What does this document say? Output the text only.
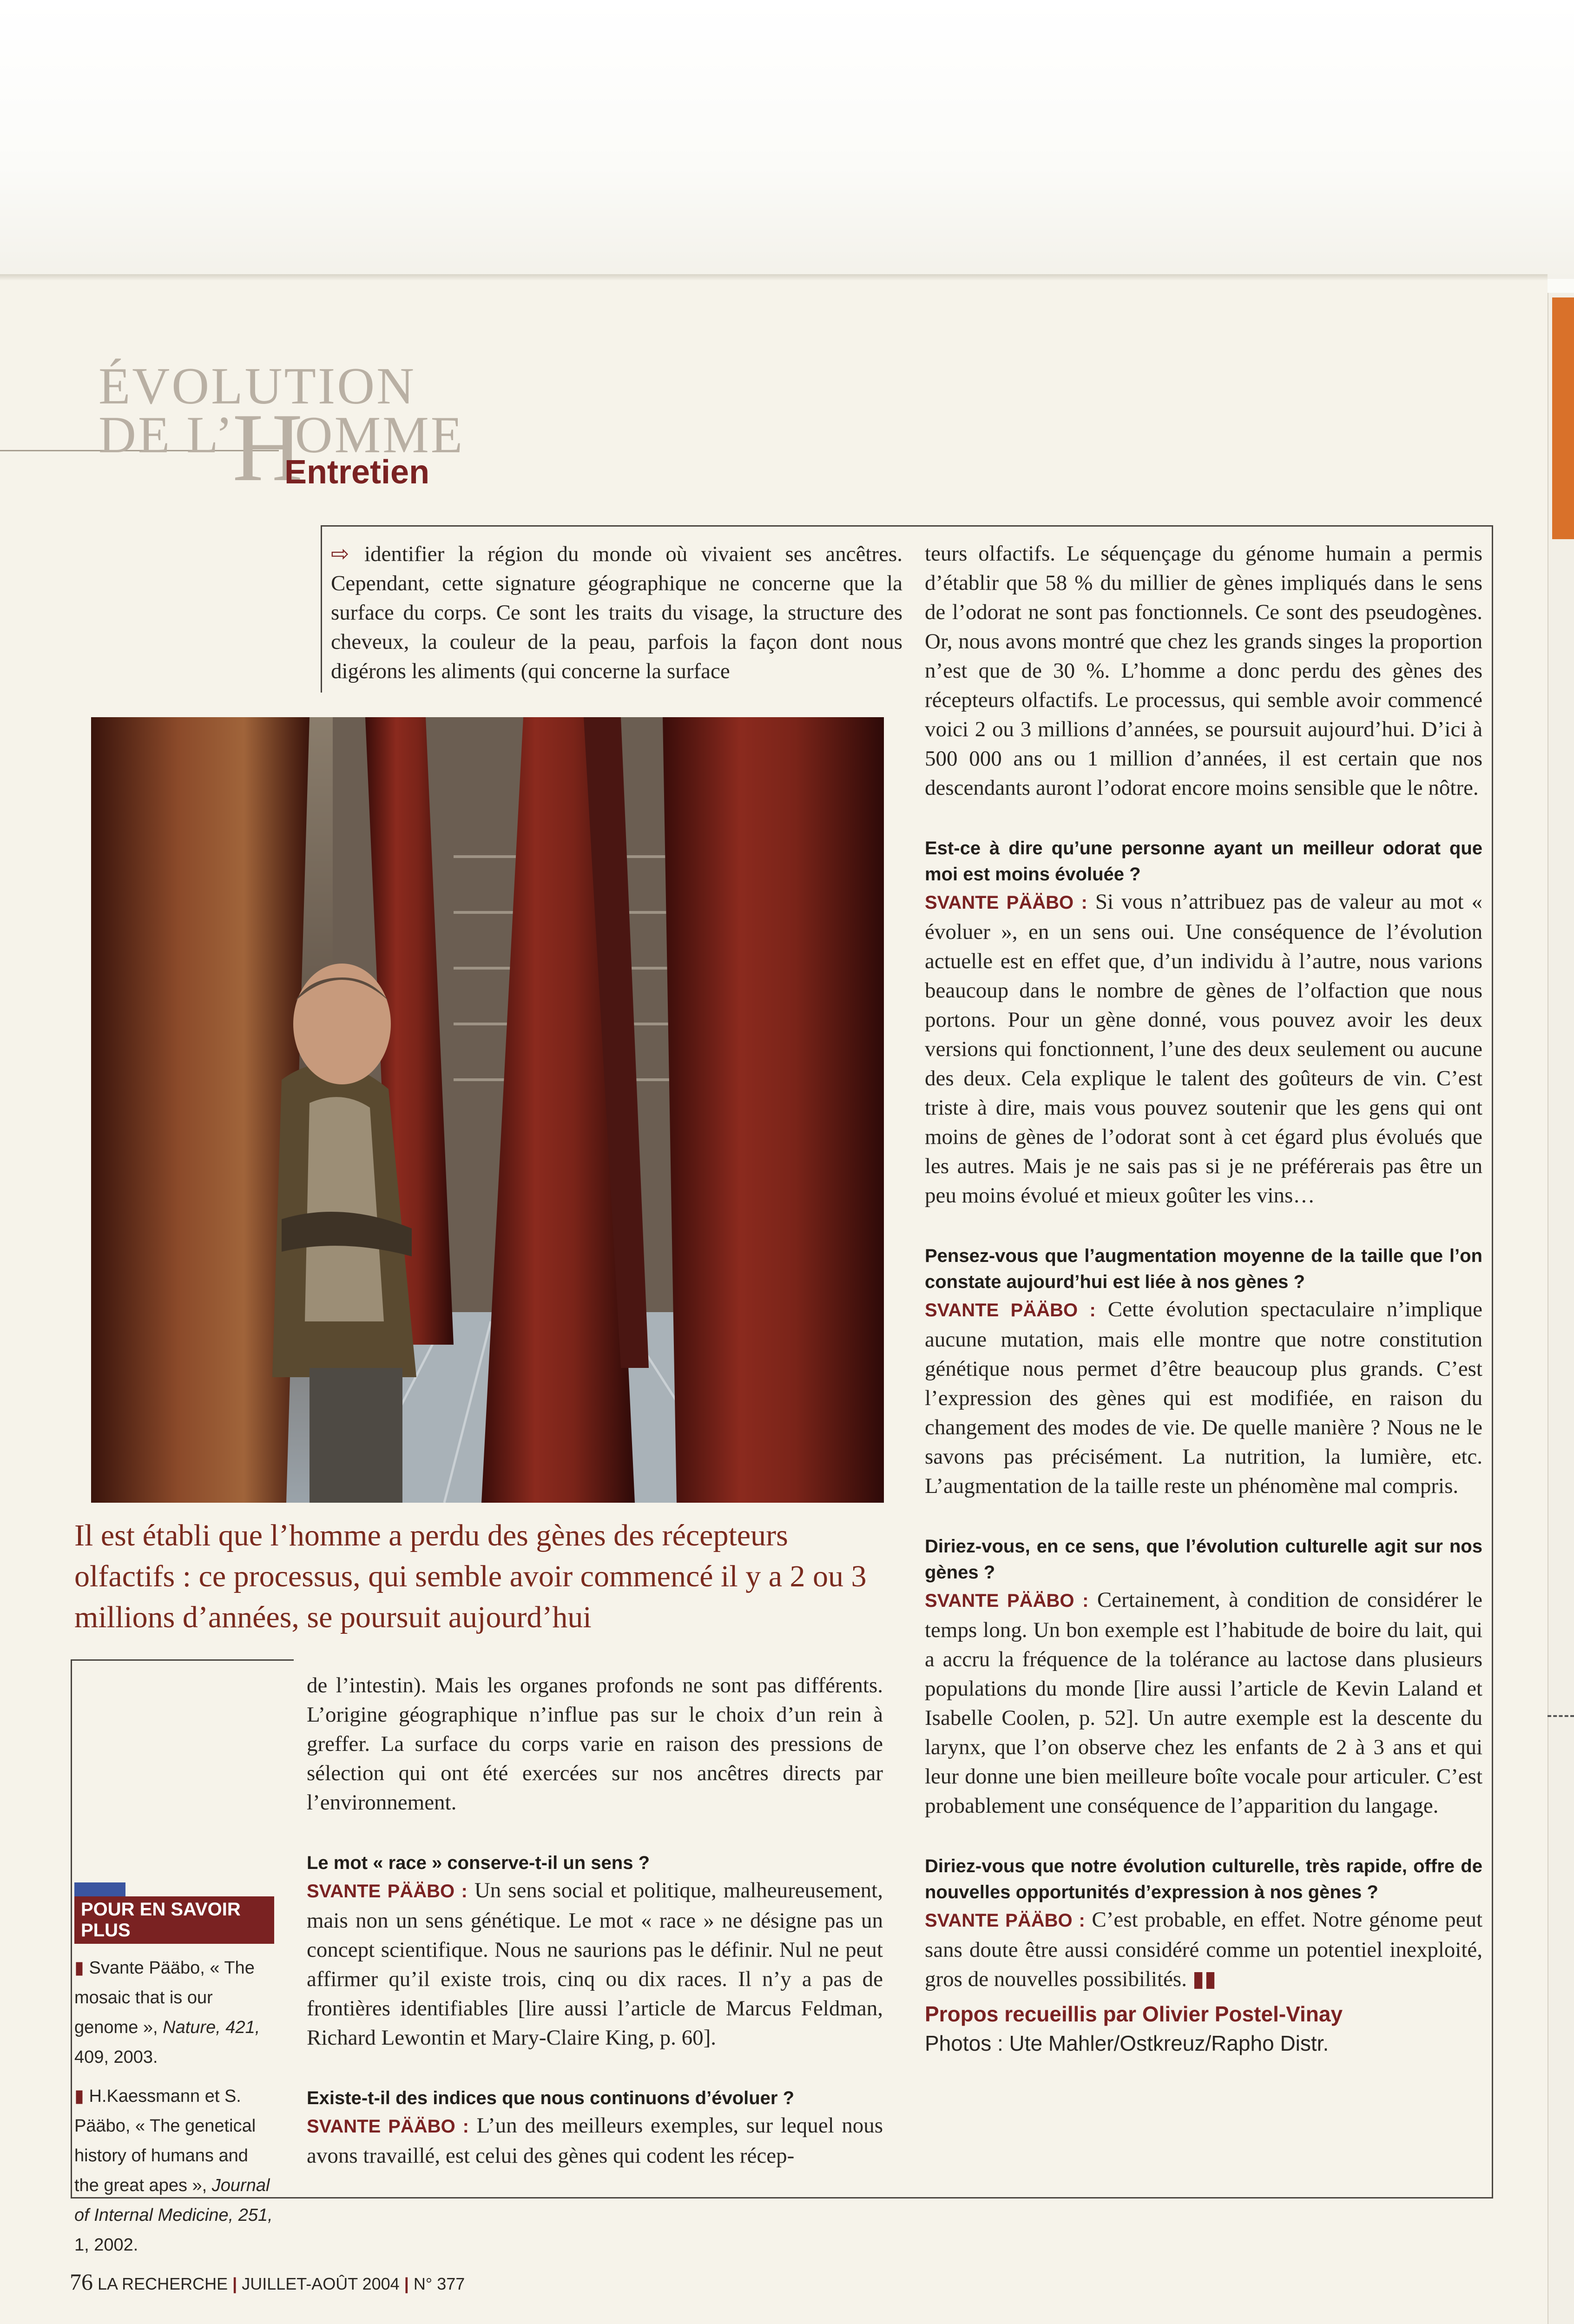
ÉVOLUTION
DE L’ OMME
H
Entretien

⇨ identifier la région du monde où vivaient ses ancêtres. Cependant, cette signature géographique ne concerne que la surface du corps. Ce sont les traits du visage, la structure des cheveux, la couleur de la peau, parfois la façon dont nous digérons les aliments (qui concerne la surface

Il est établi que l’homme a perdu des gènes des récepteurs olfactifs : ce processus, qui semble avoir commencé il y a 2 ou 3 millions d’années, se poursuit aujourd’hui

de l’intestin). Mais les organes profonds ne sont pas différents. L’origine géographique n’influe pas sur le choix d’un rein à greffer. La surface du corps varie en raison des pressions de sélection qui ont été exercées sur nos ancêtres directs par l’environnement.

Le mot « race » conserve-t-il un sens ?

SVANTE PÄÄBO : Un sens social et politique, malheureusement, mais non un sens génétique. Le mot « race » ne désigne pas un concept scientifique. Nous ne saurions pas le définir. Nul ne peut affirmer qu’il existe trois, cinq ou dix races. Il n’y a pas de frontières identifiables [lire aussi l’article de Marcus Feldman, Richard Lewontin et Mary-Claire King, p. 60].

Existe-t-il des indices que nous continuons d’évoluer ?

SVANTE PÄÄBO : L’un des meilleurs exemples, sur lequel nous avons travaillé, est celui des gènes qui codent les récep-

POUR EN SAVOIR PLUS
▮ Svante Pääbo, « The mosaic that is our genome », Nature, 421, 409, 2003.
▮ H.Kaessmann et S. Pääbo, « The genetical history of humans and the great apes », Journal of Internal Medicine, 251, 1, 2002.

teurs olfactifs. Le séquençage du génome humain a permis d’établir que 58 % du millier de gènes impliqués dans le sens de l’odorat ne sont pas fonctionnels. Ce sont des pseudogènes. Or, nous avons montré que chez les grands singes la proportion n’est que de 30 %. L’homme a donc perdu des gènes des récepteurs olfactifs. Le processus, qui semble avoir commencé voici 2 ou 3 millions d’années, se poursuit aujourd’hui. D’ici à 500 000 ans ou 1 million d’années, il est certain que nos descendants auront l’odorat encore moins sensible que le nôtre.

Est-ce à dire qu’une personne ayant un meilleur odorat que moi est moins évoluée ?

SVANTE PÄÄBO : Si vous n’attribuez pas de valeur au mot « évoluer », en un sens oui. Une conséquence de l’évolution actuelle est en effet que, d’un individu à l’autre, nous varions beaucoup dans le nombre de gènes de l’olfaction que nous portons. Pour un gène donné, vous pouvez avoir les deux versions qui fonctionnent, l’une des deux seulement ou aucune des deux. Cela explique le talent des goûteurs de vin. C’est triste à dire, mais vous pouvez soutenir que les gens qui ont moins de gènes de l’odorat sont à cet égard plus évolués que les autres. Mais je ne sais pas si je ne préférerais pas être un peu moins évolué et mieux goûter les vins…

Pensez-vous que l’augmentation moyenne de la taille que l’on constate aujourd’hui est liée à nos gènes ?

SVANTE PÄÄBO : Cette évolution spectaculaire n’implique aucune mutation, mais elle montre que notre constitution génétique nous permet d’être beaucoup plus grands. C’est l’expression des gènes qui est modifiée, en raison du changement des modes de vie. De quelle manière ? Nous ne le savons pas précisément. La nutrition, la lumière, etc. L’augmentation de la taille reste un phénomène mal compris.

Diriez-vous, en ce sens, que l’évolution culturelle agit sur nos gènes ?

SVANTE PÄÄBO : Certainement, à condition de considérer le temps long. Un bon exemple est l’habitude de boire du lait, qui a accru la fréquence de la tolérance au lactose dans plusieurs populations du monde [lire aussi l’article de Kevin Laland et Isabelle Coolen, p. 52]. Un autre exemple est la descente du larynx, que l’on observe chez les enfants de 2 à 3 ans et qui leur donne une bien meilleure boîte vocale pour articuler. C’est probablement une conséquence de l’apparition du langage.

Diriez-vous que notre évolution culturelle, très rapide, offre de nouvelles opportunités d’expression à nos gènes ?

SVANTE PÄÄBO : C’est probable, en effet. Notre génome peut sans doute être aussi considéré comme un potentiel inexploité, gros de nouvelles possibilités. ▮▮

Propos recueillis par Olivier Postel-Vinay
Photos : Ute Mahler/Ostkreuz/Rapho Distr.
76 LA RECHERCHE | JUILLET-AOÛT 2004 | N° 377
